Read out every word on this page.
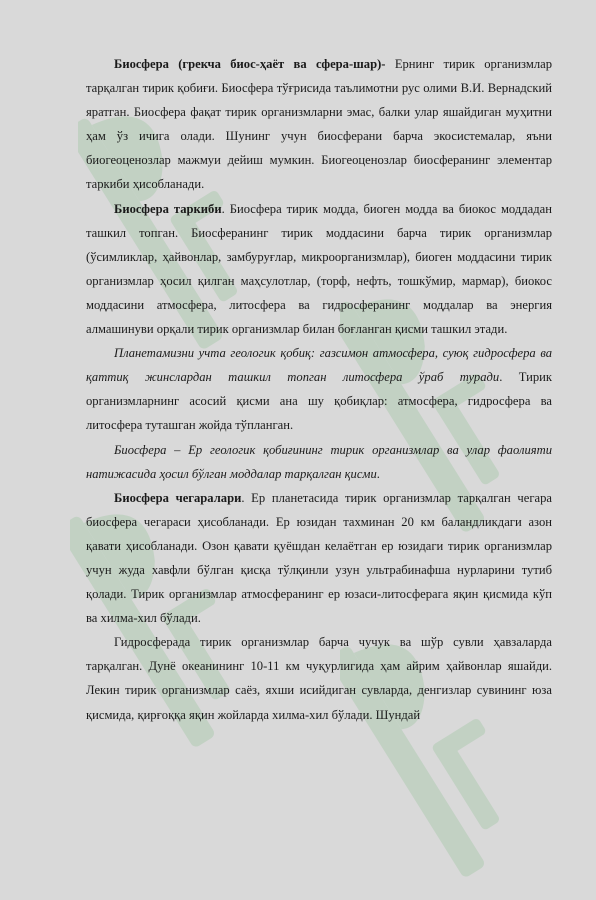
Биосфера (грекча биос-ҳаёт ва сфера-шар)- Ернинг тирик организмлар тарқалган тирик қобиғи. Биосфера тўғрисида таълимотни рус олими В.И. Вернадский яратган. Биосфера фақат тирик организмларни эмас, балки улар яшайдиган муҳитни ҳам ўз ичига олади. Шунинг учун биосферани барча экосистемалар, яъни биогеоценозлар мажмуи дейиш мумкин. Биогеоценозлар биосферанинг элементар таркиби ҳисобланади.

Биосфера таркиби. Биосфера тирик модда, биоген модда ва биокос моддадан ташкил топган. Биосферанинг тирик моддасини барча тирик организмлар (ўсимликлар, ҳайвонлар, замбуруғлар, микроорганизмлар), биоген моддасини тирик организмлар ҳосил қилган маҳсулотлар, (торф, нефть, тошкўмир, мармар), биокос моддасини атмосфера, литосфера ва гидросферанинг моддалар ва энергия алмашинуви орқали тирик организмлар билан боғланган қисми ташкил этади.

Планетамизни учта геологик қобиқ: газсимон атмосфера, суюқ гидросфера ва қаттиқ жинслардан ташкил топган литосфера ўраб туради. Тирик организмларнинг асосий қисми ана шу қобиқлар: атмосфера, гидросфера ва литосфера туташган жойда тўпланган.

Биосфера – Ер геологик қобиғининг тирик организмлар ва улар фаолияти натижасида ҳосил бўлган моддалар тарқалган қисми.

Биосфера чегаралари. Ер планетасида тирик организмлар тарқалган чегара биосфера чегараси ҳисобланади. Ер юзидан тахминан 20 км баландликдаги азон қавати ҳисобланади. Озон қавати қуёшдан келаётган ер юзидаги тирик организмлар учун жуда хавфли бўлган қисқа тўлқинли узун ультрабинафша нурларини тутиб қолади. Тирик организмлар атмосферанинг ер юзаси-литосферага яқин қисмида кўп ва хилма-хил бўлади.

Гидросферада тирик организмлар барча чучук ва шўр сувли ҳавзаларда тарқалган. Дунё океанининг 10-11 км чуқурлигида ҳам айрим ҳайвонлар яшайди. Лекин тирик организмлар саёз, яхши исийдиган сувларда, денгизлар сувининг юза қисмида, қирғоққа яқин жойларда хилма-хил бўлади. Шундай
